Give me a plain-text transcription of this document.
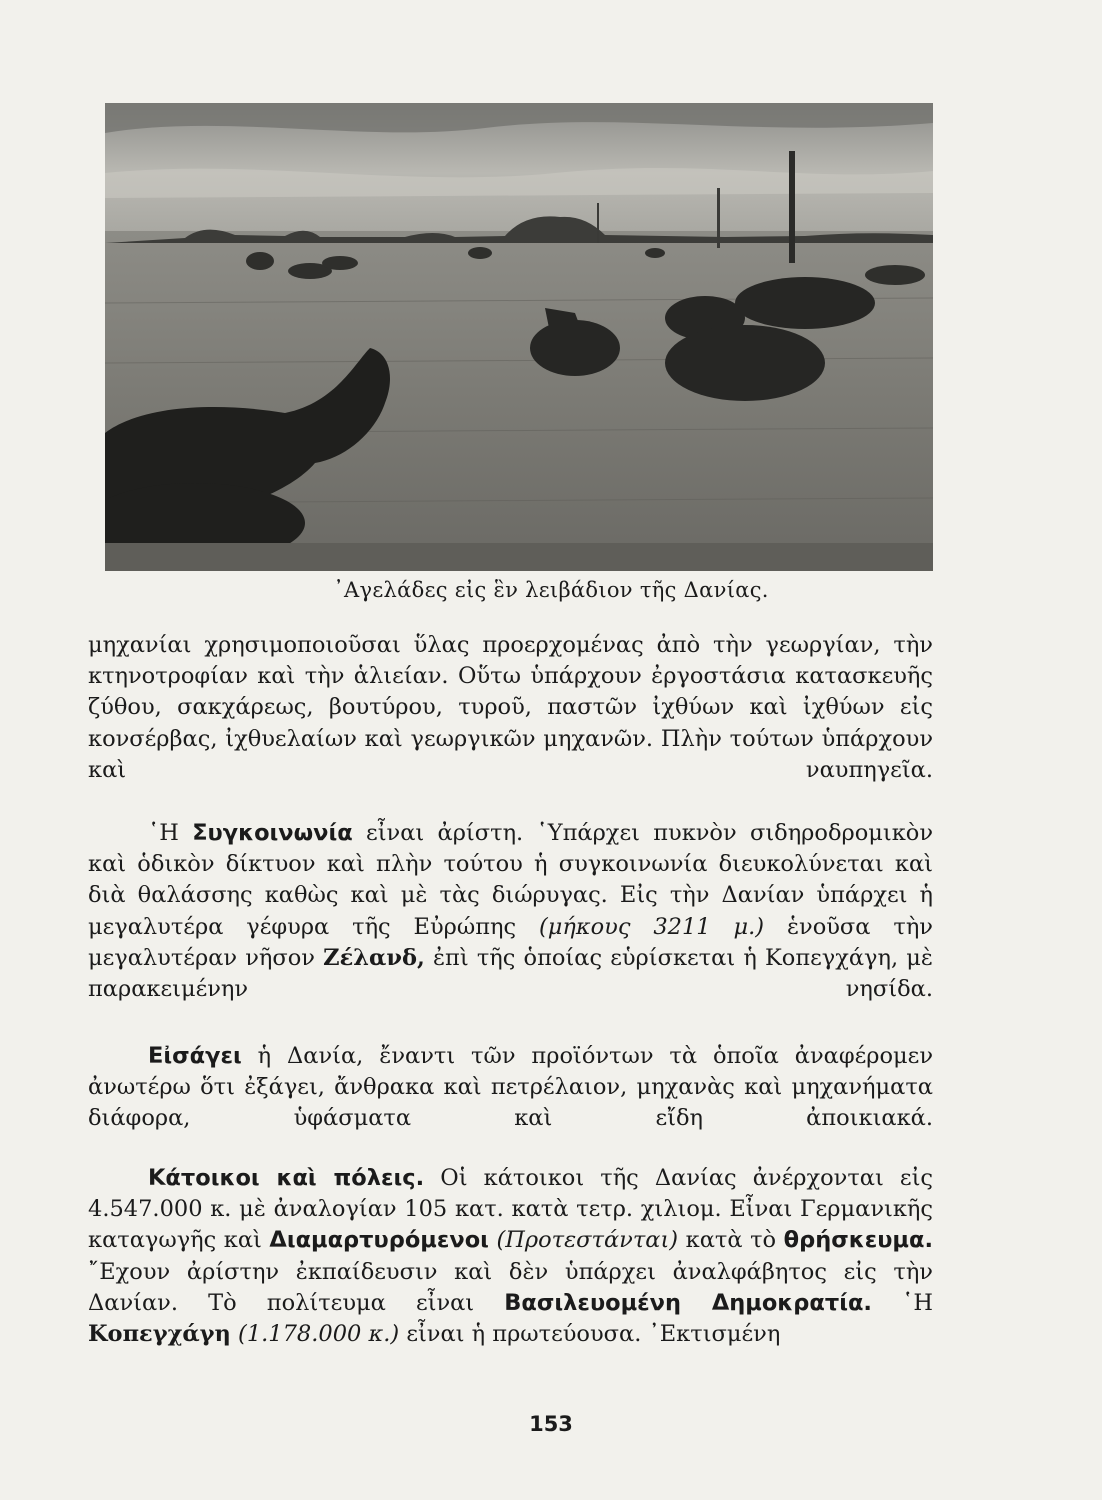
᾿Αγελάδες εἰς ἓν λειβάδιον τῆς Δανίας.
μηχανίαι χρησιμοποιοῦσαι ὕλας προερχομένας ἀπὸ τὴν γεωργίαν, τὴν κτηνοτροφίαν καὶ τὴν ἁλιείαν. Οὕτω ὑπάρχουν ἐργοστάσια κατασκευῆς ζύθου, σακχάρεως, βουτύρου, τυροῦ, παστῶν ἰχθύων καὶ ἰχθύων εἰς κονσέρβας, ἰχθυελαίων καὶ γεωργικῶν μηχανῶν. Πλὴν τούτων ὑπάρχουν καὶ ναυπηγεῖα.
῾Η Συγκοινωνία εἶναι ἀρίστη. ῾Υπάρχει πυκνὸν σιδηροδρομικὸν καὶ ὁδικὸν δίκτυον καὶ πλὴν τούτου ἡ συγκοινωνία διευκολύνεται καὶ διὰ θαλάσσης καθὼς καὶ μὲ τὰς διώρυγας. Εἰς τὴν Δανίαν ὑπάρχει ἡ μεγαλυτέρα γέφυρα τῆς Εὐρώπης (μήκους 3211 μ.) ἑνοῦσα τὴν μεγαλυτέραν νῆσον Ζέλανδ, ἐπὶ τῆς ὁποίας εὑρίσκεται ἡ Κοπεγχάγη, μὲ παρακειμένην νησίδα.
Εἰσάγει ἡ Δανία, ἔναντι τῶν προϊόντων τὰ ὁποῖα ἀναφέρομεν ἀνωτέρω ὅτι ἐξάγει, ἄνθρακα καὶ πετρέλαιον, μηχανὰς καὶ μηχανήματα διάφορα, ὑφάσματα καὶ εἴδη ἀποικιακά.
Κάτοικοι καὶ πόλεις. Οἱ κάτοικοι τῆς Δανίας ἀνέρχονται εἰς 4.547.000 κ. μὲ ἀναλογίαν 105 κατ. κατὰ τετρ. χιλιομ. Εἶναι Γερμανικῆς καταγωγῆς καὶ Διαμαρτυρόμενοι (Προτεστάνται) κατὰ τὸ θρήσκευμα. ῎Εχουν ἀρίστην ἐκπαίδευσιν καὶ δὲν ὑπάρχει ἀναλφάβητος εἰς τὴν Δανίαν. Τὸ πολίτευμα εἶναι Βασιλευομένη Δημοκρατία. ῾Η Κοπεγχάγη (1.178.000 κ.) εἶναι ἡ πρωτεύουσα. ᾿Εκτισμένη
153
